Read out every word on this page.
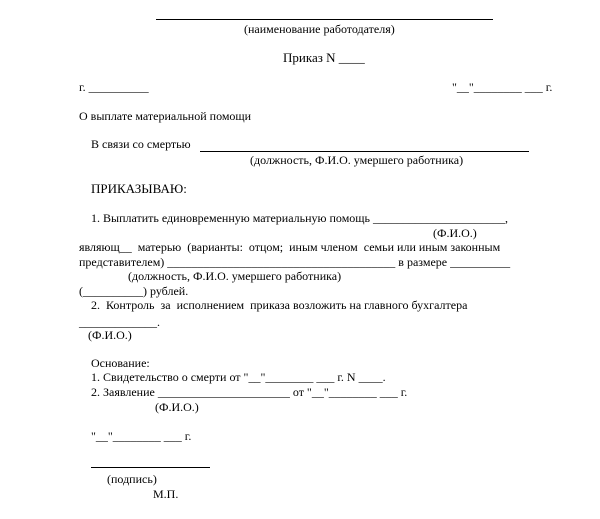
(наименование работодателя)
Приказ N ____
г. __________	"__"________ ___ г.
О выплате материальной помощи
В связи со смертью
(должность, Ф.И.О. умершего работника)
ПРИКАЗЫВАЮ:
1. Выплатить единовременную материальную помощь ______________________,
(Ф.И.О.)
являющ__  матерью  (варианты:  отцом;  иным членом  семьи или иным законным
представителем) ______________________________________ в размере __________
(должность, Ф.И.О. умершего работника)
(__________) рублей.
2.  Контроль  за  исполнением  приказа возложить на главного бухгалтера
_____________.
(Ф.И.О.)
Основание:
1. Свидетельство о смерти от "__"________ ___ г. N ____.
2. Заявление ______________________ от "__"________ ___ г.
(Ф.И.О.)
"__"________ ___ г.
(подпись)
М.П.
